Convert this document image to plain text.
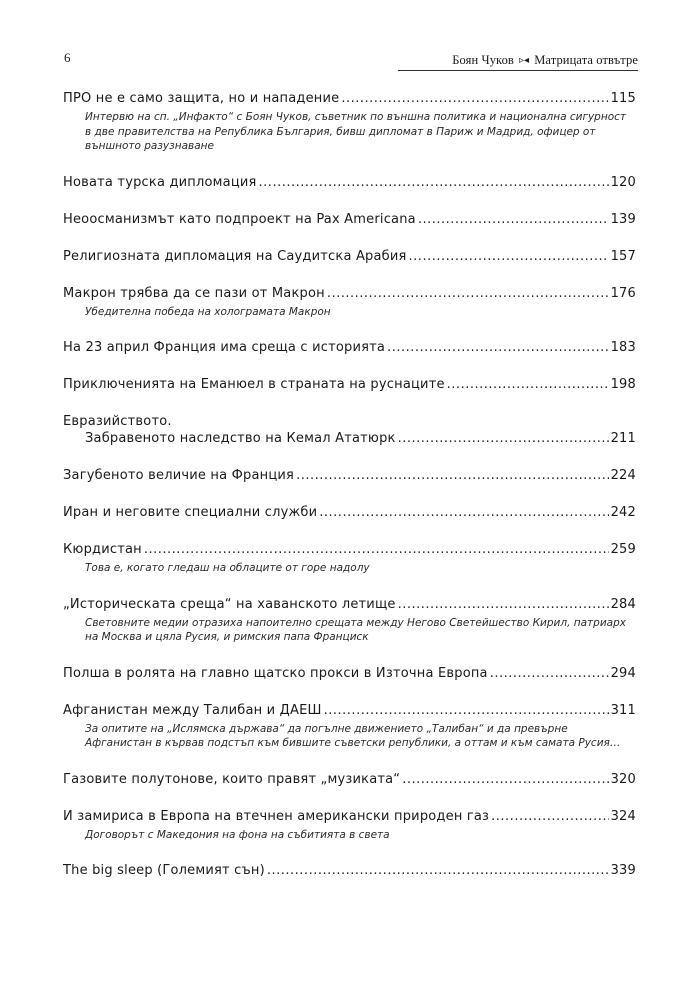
6	Боян Чуков ▹◂ Матрицата отвътре
ПРО не е само защита, но и нападение .....	115
Интервю на сп. „Инфакто“ с Боян Чуков, съветник по външна политика и национална сигурност в две правителства на Република България, бивш дипломат в Париж и Мадрид, офицер от външното разузнаване
Новата турска дипломация .....	120
Неоосманизмът като подпроект на Pax Americana .....	139
Религиозната дипломация на Саудитска Арабия .....	157
Макрон трябва да се пази от Макрон .....	176
Убедителна победа на холограмата Макрон
На 23 април Франция има среща с историята .....	183
Приключенията на Еманюел в страната на руснаците .....	198
Евразийството.
Забравеното наследство на Кемал Ататюрк .....	211
Загубеното величие на Франция .....	224
Иран и неговите специални служби .....	242
Кюрдистан .....	259
Това е, когато гледаш на облаците от горе надолу
„Историческата среща“ на хаванското летище .....	284
Световните медии отразиха напоително срещата между Негово Светейшество Кирил, патриарх на Москва и цяла Русия, и римския папа Франциск
Полша в ролята на главно щатско прокси в Източна Европа .....	294
Афганистан между Талибан и ДАЕШ .....	311
За опитите на „Ислямска държава“ да погълне движението „Талибан“ и да превърне Афганистан в кървав подстъп към бившите съветски републики, а оттам и към самата Русия…
Газовите полутонове, които правят „музиката“ .....	320
И замириса в Европа на втечнен американски природен газ .....	324
Договорът с Македония на фона на събитията в света
The big sleep (Големият сън) .....	339
